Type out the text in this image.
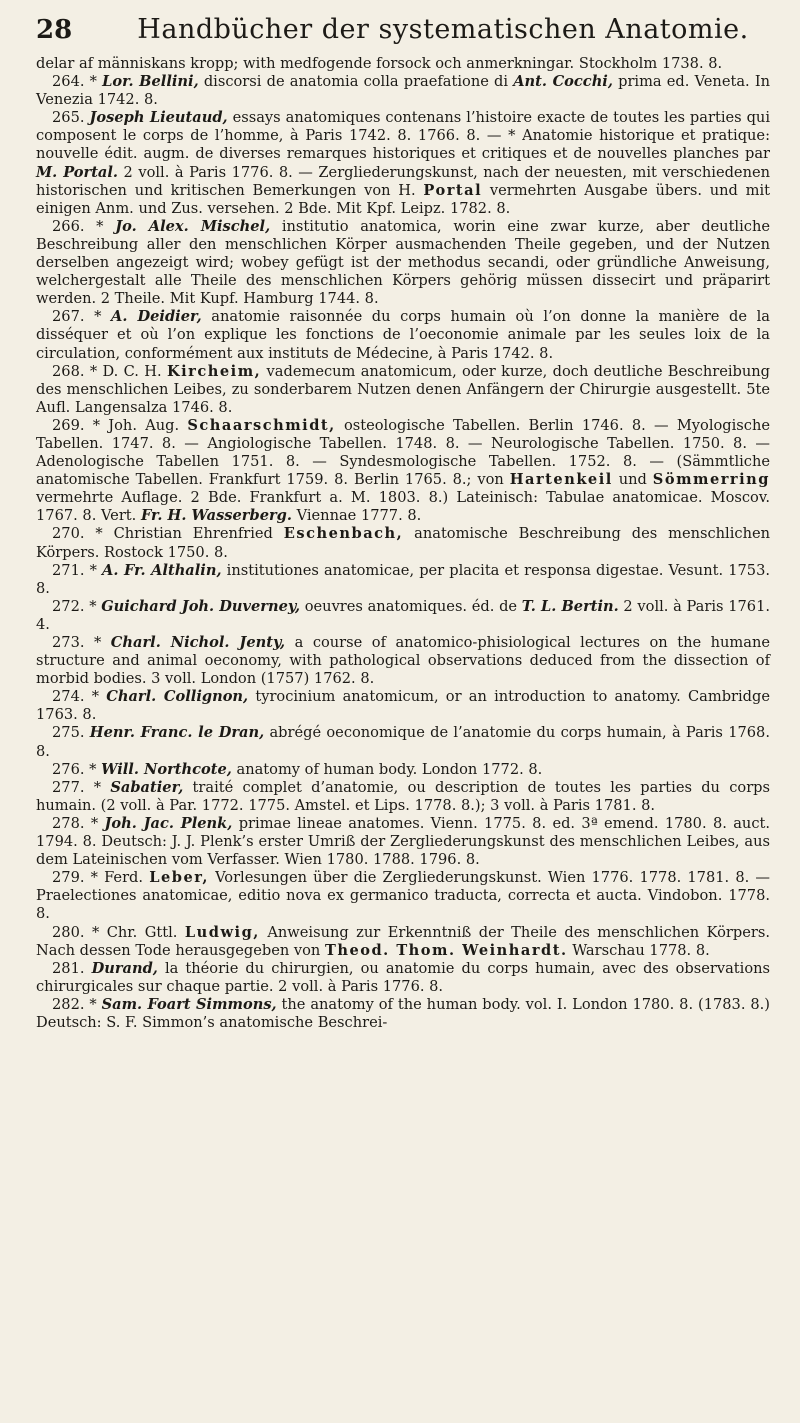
28	Handbücher der systematischen Anatomie.

delar af människans kropp; with medfogende forsock och anmerkningar. Stockholm 1738. 8.

264. * Lor. Bellini, discorsi de anatomia colla praefatione di Ant. Cocchi, prima ed. Veneta. In Venezia 1742. 8.

265. Joseph Lieutaud, essays anatomiques contenans l’histoire exacte de toutes les parties qui composent le corps de l’homme, à Paris 1742. 8. 1766. 8. — * Anatomie historique et pratique: nouvelle édit. augm. de diverses remarques historiques et critiques et de nouvelles planches par M. Portal. 2 voll. à Paris 1776. 8. — Zergliederungskunst, nach der neuesten, mit verschiedenen historischen und kritischen Bemerkungen von H. Portal vermehrten Ausgabe übers. und mit einigen Anm. und Zus. versehen. 2 Bde. Mit Kpf. Leipz. 1782. 8.

266. * Jo. Alex. Mischel, institutio anatomica, worin eine zwar kurze, aber deutliche Beschreibung aller den menschlichen Körper ausmachenden Theile gegeben, und der Nutzen derselben angezeigt wird; wobey gefügt ist der methodus secandi, oder gründliche Anweisung, welchergestalt alle Theile des menschlichen Körpers gehörig müssen dissecirt und präparirt werden. 2 Theile. Mit Kupf. Hamburg 1744. 8.

267. * A. Deidier, anatomie raisonnée du corps humain où l’on donne la manière de la disséquer et où l’on explique les fonctions de l’oeconomie animale par les seules loix de la circulation, conformément aux instituts de Médecine, à Paris 1742. 8.

268. * D. C. H. Kircheim, vademecum anatomicum, oder kurze, doch deutliche Beschreibung des menschlichen Leibes, zu sonderbarem Nutzen denen Anfängern der Chirurgie ausgestellt. 5te Aufl. Langensalza 1746. 8.

269. * Joh. Aug. Schaarschmidt, osteologische Tabellen. Berlin 1746. 8. — Myologische Tabellen. 1747. 8. — Angiologische Tabellen. 1748. 8. — Neurologische Tabellen. 1750. 8. — Adenologische Tabellen 1751. 8. — Syndesmologische Tabellen. 1752. 8. — (Sämmtliche anatomische Tabellen. Frankfurt 1759. 8. Berlin 1765. 8.; von Hartenkeil und Sömmerring vermehrte Auflage. 2 Bde. Frankfurt a. M. 1803. 8.) Lateinisch: Tabulae anatomicae. Moscov. 1767. 8. Vert. Fr. H. Wasserberg. Viennae 1777. 8.

270. * Christian Ehrenfried Eschenbach, anatomische Beschreibung des menschlichen Körpers. Rostock 1750. 8.

271. * A. Fr. Althalin, institutiones anatomicae, per placita et responsa digestae. Vesunt. 1753. 8.

272. * Guichard Joh. Duverney, oeuvres anatomiques. éd. de T. L. Bertin. 2 voll. à Paris 1761. 4.

273. * Charl. Nichol. Jenty, a course of anatomico-phisiological lectures on the humane structure and animal oeconomy, with pathological observations deduced from the dissection of morbid bodies. 3 voll. London (1757) 1762. 8.

274. * Charl. Collignon, tyrocinium anatomicum, or an introduction to anatomy. Cambridge 1763. 8.

275. Henr. Franc. le Dran, abrégé oeconomique de l’anatomie du corps humain, à Paris 1768. 8.

276. * Will. Northcote, anatomy of human body. London 1772. 8.

277. * Sabatier, traité complet d’anatomie, ou description de toutes les parties du corps humain. (2 voll. à Par. 1772. 1775. Amstel. et Lips. 1778. 8.); 3 voll. à Paris 1781. 8.

278. * Joh. Jac. Plenk, primae lineae anatomes. Vienn. 1775. 8. ed. 3ª emend. 1780. 8. auct. 1794. 8. Deutsch: J. J. Plenk’s erster Umriß der Zergliederungskunst des menschlichen Leibes, aus dem Lateinischen vom Verfasser. Wien 1780. 1788. 1796. 8.

279. * Ferd. Leber, Vorlesungen über die Zergliederungskunst. Wien 1776. 1778. 1781. 8. — Praelectiones anatomicae, editio nova ex germanico traducta, correcta et aucta. Vindobon. 1778. 8.

280. * Chr. Gttl. Ludwig, Anweisung zur Erkenntniß der Theile des menschlichen Körpers. Nach dessen Tode herausgegeben von Theod. Thom. Weinhardt. Warschau 1778. 8.

281. Durand, la théorie du chirurgien, ou anatomie du corps humain, avec des observations chirurgicales sur chaque partie. 2 voll. à Paris 1776. 8.

282. * Sam. Foart Simmons, the anatomy of the human body. vol. I. London 1780. 8. (1783. 8.) Deutsch: S. F. Simmon’s anatomische Beschrei-
